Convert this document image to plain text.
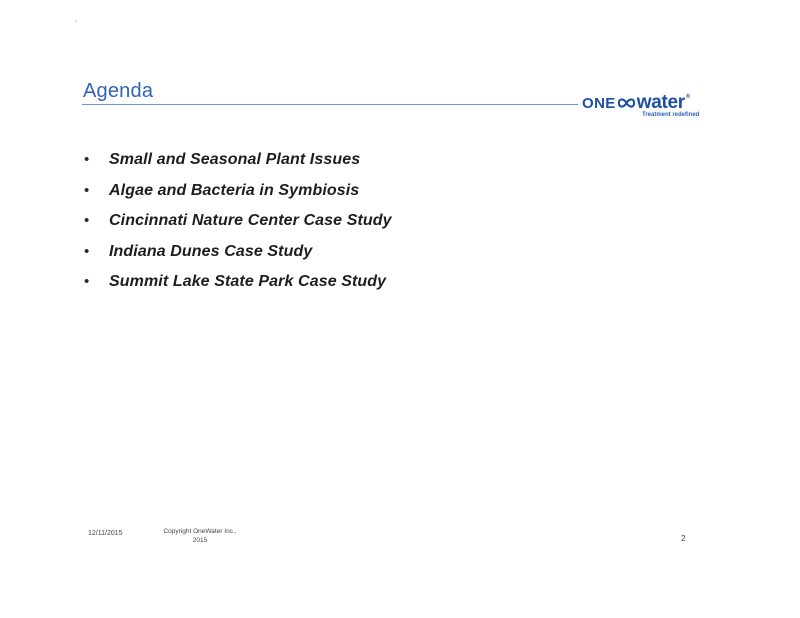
Agenda
ONE water®
Treatment redefined
• Small and Seasonal Plant Issues
• Algae and Bacteria in Symbiosis
• Cincinnati Nature Center Case Study
• Indiana Dunes Case Study
• Summit Lake State Park Case Study
12/11/2015	Copyright OneWater Inc.,
2015	2
